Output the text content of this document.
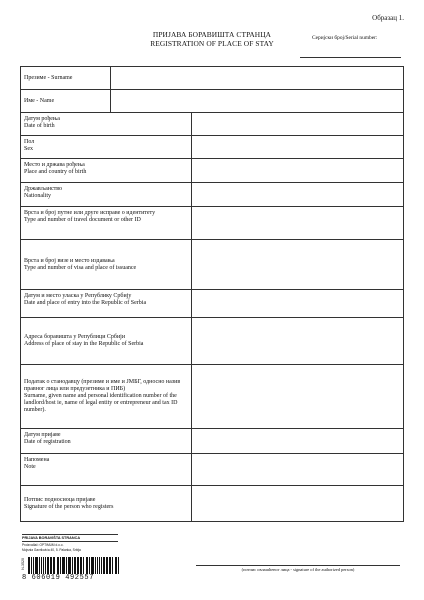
Образац 1.
ПРИЈАВА БОРАВИШТА СТРАНЦА
REGISTRATION OF PLACE OF STAY
Серијски број/Serial number:
Презиме - Surname
Име - Name
Датум рођења
Date of birth
Пол
Sex
Место и држава рођења
Place and country of birth
Држављанство
Nationality
Врста и број путне или друге исправе о идентитету
Type and number of travel document or other ID
Врста и број визе и место издавања
Type and number of visa and place of issuance
Датум и место уласка у Републику Србију
Date and place of entry into the Republic of Serbia
Адреса боравишта у Републици Србији
Address of place of stay in the Republic of Serbia
Податак о станодавцу (презиме и име и ЈМБГ, односно назив правног лица или предузетника и ПИБ)
Surname, given name and personal identification number of the landlord/host ie, name of legal entity or entrepreneur and tax ID number).
Датум пријаве
Date of registration
Напомена
Note
Потпис подносиоца пријаве
Signature of the person who registers
PRIJAVA BORAVIŠTA STRANCA
Proizvođač: OPTIMUM d.o.o.
Mojsnia Gavrilovića 40, 5. Palanka, Srbija
N-3520
8 606019 492557
(потпис овлашћеног лица - signature of the authorized person)
